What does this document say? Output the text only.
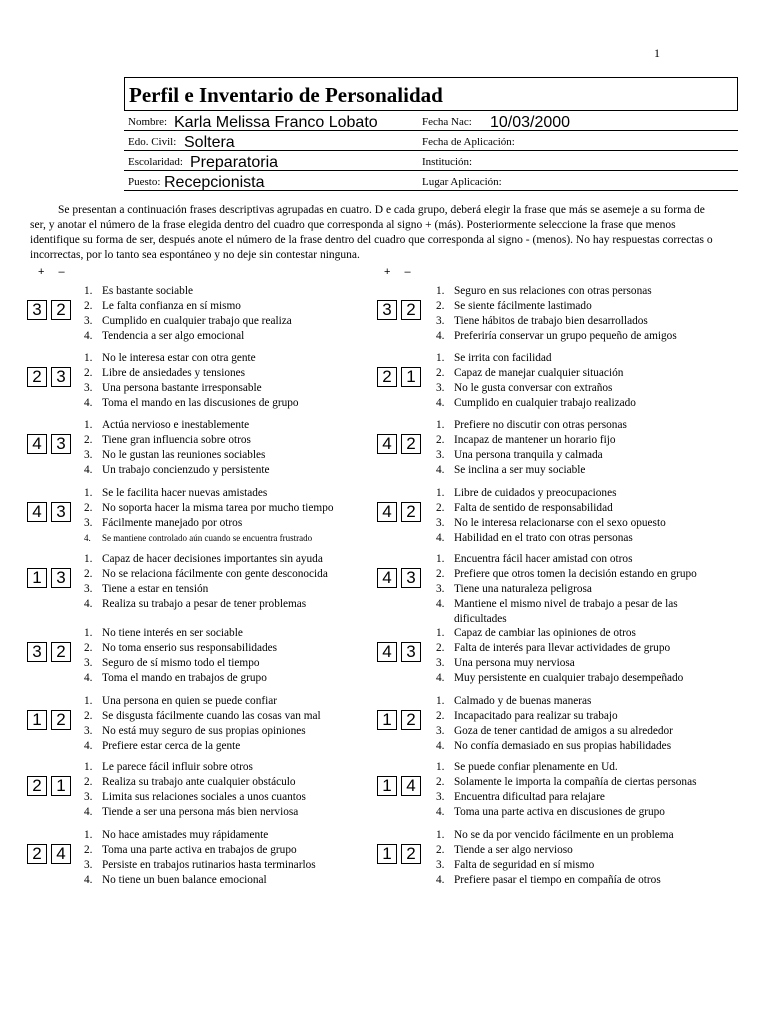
1
Perfil e Inventario de Personalidad
Nombre: Karla Melissa Franco Lobato	Fecha Nac: 10/03/2000
Edo. Civil: Soltera	Fecha de Aplicación:
Escolaridad: Preparatoria	Institución:
Puesto: Recepcionista	Lugar Aplicación:

Se presentan a continuación frases descriptivas agrupadas en cuatro. D e cada grupo, deberá elegir la frase que más se asemeje a su forma de ser, y anotar el número de la frase elegida dentro del cuadro que corresponda al signo + (más). Posteriormente seleccione la frase que menos identifique su forma de ser, después anote el número de la frase dentro del cuadro que corresponda al signo - (menos). No hay respuestas correctas o incorrectas, por lo tanto sea espontáneo y no deje sin contestar ninguna.

+ –	+ –
3 2
1. Es bastante sociable
2. Le falta confianza en sí mismo
3. Cumplido en cualquier trabajo que realiza
4. Tendencia a ser algo emocional
2 3
1. No le interesa estar con otra gente
2. Libre de ansiedades y tensiones
3. Una persona bastante irresponsable
4. Toma el mando en las discusiones de grupo
4 3
1. Actúa nervioso e inestablemente
2. Tiene gran influencia sobre otros
3. No le gustan las reuniones sociables
4. Un trabajo concienzudo y persistente
4 3
1. Se le facilita hacer nuevas amistades
2. No soporta hacer la misma tarea por mucho tiempo
3. Fácilmente manejado por otros
4. Se mantiene controlado aún cuando se encuentra frustrado
1 3
1. Capaz de hacer decisiones importantes sin ayuda
2. No se relaciona fácilmente con gente desconocida
3. Tiene a estar en tensión
4. Realiza su trabajo a pesar de tener problemas
3 2
1. No tiene interés en ser sociable
2. No toma enserio sus responsabilidades
3. Seguro de sí mismo todo el tiempo
4. Toma el mando en trabajos de grupo
1 2
1. Una persona en quien se puede confiar
2. Se disgusta fácilmente cuando las cosas van mal
3. No está muy seguro de sus propias opiniones
4. Prefiere estar cerca de la gente
2 1
1. Le parece fácil influir sobre otros
2. Realiza su trabajo ante cualquier obstáculo
3. Limita sus relaciones sociales a unos cuantos
4. Tiende a ser una persona más bien nerviosa
2 4
1. No hace amistades muy rápidamente
2. Toma una parte activa en trabajos de grupo
3. Persiste en trabajos rutinarios hasta terminarlos
4. No tiene un buen balance emocional
3 2
1. Seguro en sus relaciones con otras personas
2. Se siente fácilmente lastimado
3. Tiene hábitos de trabajo bien desarrollados
4. Preferiría conservar un grupo pequeño de amigos
2 1
1. Se irrita con facilidad
2. Capaz de manejar cualquier situación
3. No le gusta conversar con extraños
4. Cumplido en cualquier trabajo realizado
4 2
1. Prefiere no discutir con otras personas
2. Incapaz de mantener un horario fijo
3. Una persona tranquila y calmada
4. Se inclina a ser muy sociable
4 2
1. Libre de cuidados y preocupaciones
2. Falta de sentido de responsabilidad
3. No le interesa relacionarse con el sexo opuesto
4. Habilidad en el trato con otras personas
4 3
1. Encuentra fácil hacer amistad con otros
2. Prefiere que otros tomen la decisión estando en grupo
3. Tiene una naturaleza peligrosa
4. Mantiene el mismo nivel de trabajo a pesar de las dificultades
4 3
1. Capaz de cambiar las opiniones de otros
2. Falta de interés para llevar actividades de grupo
3. Una persona muy nerviosa
4. Muy persistente en cualquier trabajo desempeñado
1 2
1. Calmado y de buenas maneras
2. Incapacitado para realizar su trabajo
3. Goza de tener cantidad de amigos a su alrededor
4. No confía demasiado en sus propias habilidades
1 4
1. Se puede confiar plenamente en Ud.
2. Solamente le importa la compañía de ciertas personas
3. Encuentra dificultad para relajare
4. Toma una parte activa en discusiones de grupo
1 2
1. No se da por vencido fácilmente en un problema
2. Tiende a ser algo nervioso
3. Falta de seguridad en sí mismo
4. Prefiere pasar el tiempo en compañía de otros
